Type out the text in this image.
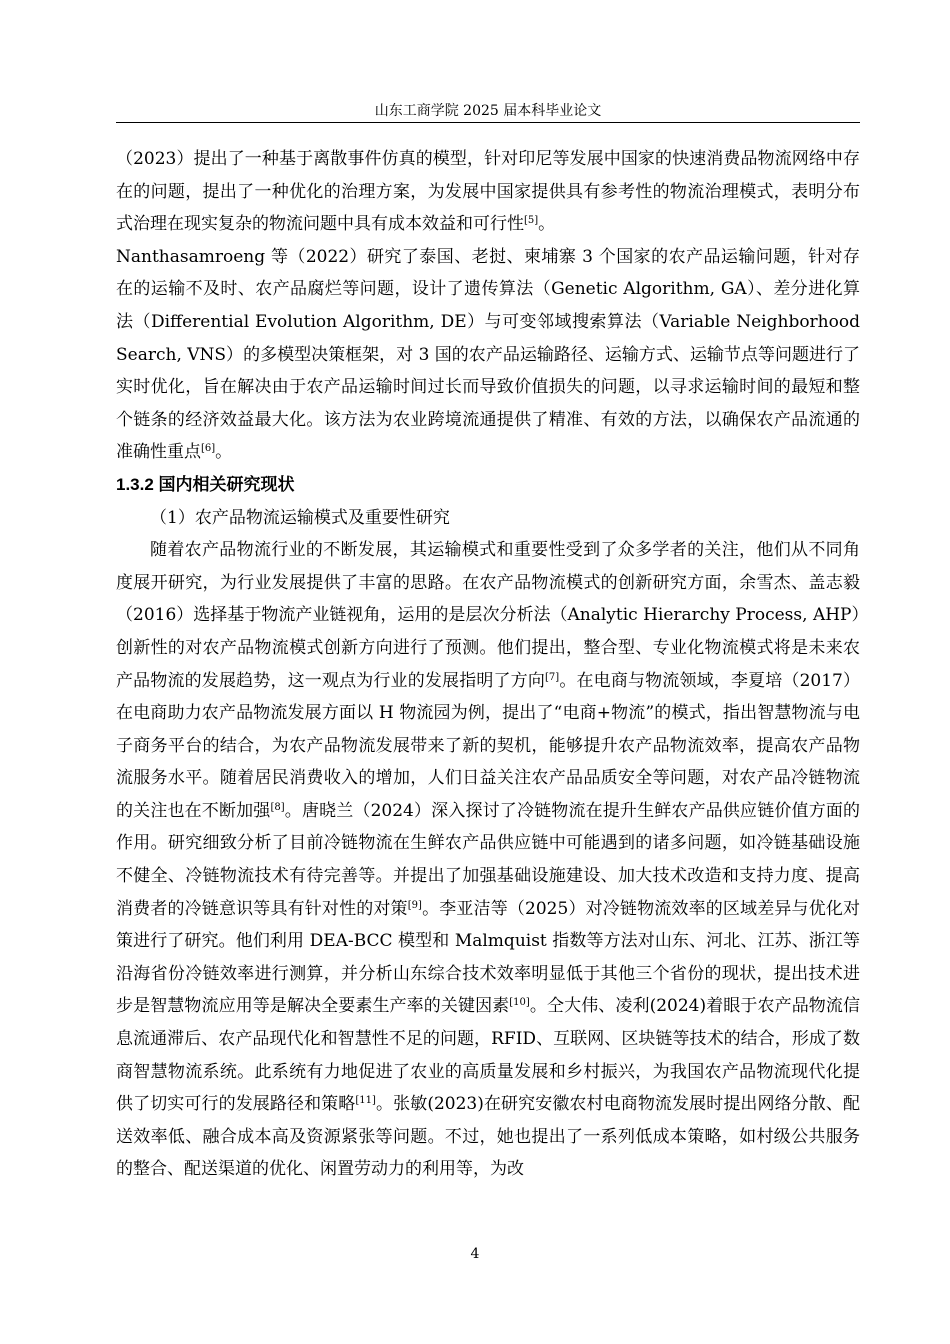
山东工商学院 2025 届本科毕业论文

（2023）提出了一种基于离散事件仿真的模型，针对印尼等发展中国家的快速消费品物流网络中存在的问题，提出了一种优化的治理方案，为发展中国家提供具有参考性的物流治理模式，表明分布式治理在现实复杂的物流问题中具有成本效益和可行性[5]。

Nanthasamroeng 等（2022）研究了泰国、老挝、柬埔寨 3 个国家的农产品运输问题，针对存在的运输不及时、农产品腐烂等问题，设计了遗传算法（Genetic Algorithm, GA）、差分进化算法（Differential Evolution Algorithm, DE）与可变邻域搜索算法（Variable Neighborhood Search, VNS）的多模型决策框架，对 3 国的农产品运输路径、运输方式、运输节点等问题进行了实时优化，旨在解决由于农产品运输时间过长而导致价值损失的问题，以寻求运输时间的最短和整个链条的经济效益最大化。该方法为农业跨境流通提供了精准、有效的方法，以确保农产品流通的准确性重点[6]。

1.3.2 国内相关研究现状

（1）农产品物流运输模式及重要性研究

随着农产品物流行业的不断发展，其运输模式和重要性受到了众多学者的关注，他们从不同角度展开研究，为行业发展提供了丰富的思路。在农产品物流模式的创新研究方面，余雪杰、盖志毅（2016）选择基于物流产业链视角，运用的是层次分析法（Analytic Hierarchy Process, AHP）创新性的对农产品物流模式创新方向进行了预测。他们提出，整合型、专业化物流模式将是未来农产品物流的发展趋势，这一观点为行业的发展指明了方向[7]。在电商与物流领域，李夏培（2017）在电商助力农产品物流发展方面以 H 物流园为例，提出了“电商+物流”的模式，指出智慧物流与电子商务平台的结合，为农产品物流发展带来了新的契机，能够提升农产品物流效率，提高农产品物流服务水平。随着居民消费收入的增加，人们日益关注农产品品质安全等问题，对农产品冷链物流的关注也在不断加强[8]。唐晓兰（2024）深入探讨了冷链物流在提升生鲜农产品供应链价值方面的作用。研究细致分析了目前冷链物流在生鲜农产品供应链中可能遇到的诸多问题，如冷链基础设施不健全、冷链物流技术有待完善等。并提出了加强基础设施建设、加大技术改造和支持力度、提高消费者的冷链意识等具有针对性的对策[9]。李亚洁等（2025）对冷链物流效率的区域差异与优化对策进行了研究。他们利用 DEA-BCC 模型和 Malmquist 指数等方法对山东、河北、江苏、浙江等沿海省份冷链效率进行测算，并分析山东综合技术效率明显低于其他三个省份的现状，提出技术进步是智慧物流应用等是解决全要素生产率的关键因素[10]。仝大伟、凌利(2024)着眼于农产品物流信息流通滞后、农产品现代化和智慧性不足的问题，RFID、互联网、区块链等技术的结合，形成了数商智慧物流系统。此系统有力地促进了农业的高质量发展和乡村振兴，为我国农产品物流现代化提供了切实可行的发展路径和策略[11]。张敏(2023)在研究安徽农村电商物流发展时提出网络分散、配送效率低、融合成本高及资源紧张等问题。不过，她也提出了一系列低成本策略，如村级公共服务的整合、配送渠道的优化、闲置劳动力的利用等，为改

4
